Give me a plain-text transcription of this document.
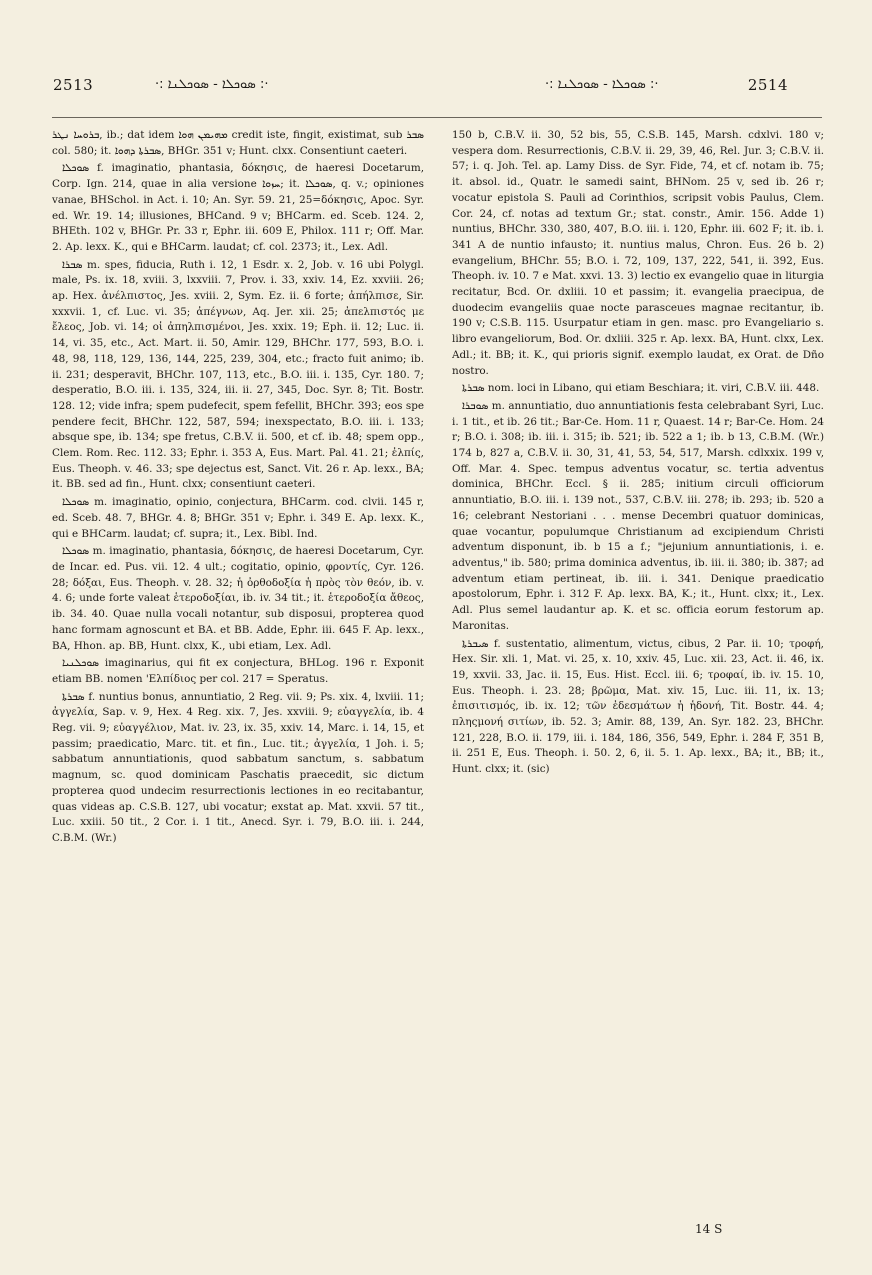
2513	·: ܣܘܟܠܐ - ܣܘܟܠܢܐ :·	·: ܣܘܟܠܐ - ܣܘܟܠܢܐ :·	2514

ܒܪܘܚܐ ܢܛܪ, ib.; dat idem ܡܗܝܡܢ ܗܘܐ credit iste, fingit, existimat, sub ܣܒܪ col. 580; it. ܣܒܪܬܐ ܕܗܘܐ, BHGr. 351 v; Hunt. clxx. Consentiunt caeteri.

ܣܘܟܠܐ f. imaginatio, phantasia, δόκησις, de haeresi Docetarum, Corp. Ign. 214, quae in alia versione ܚܙܘܐ; it. ܣܘܟܠܐ, q. v.; opiniones vanae, BHSchol. in Act. i. 10; An. Syr. 59. 21, 25=δόκησις, Apoc. Syr. ed. Wr. 19. 14; illusiones, BHCand. 9 v; BHCarm. ed. Sceb. 124. 2, BHEth. 102 v, BHGr. Pr. 33 r, Ephr. iii. 609 E, Philox. 111 r; Off. Mar. 2. Ap. lexx. K., qui e BHCarm. laudat; cf. col. 2373; it., Lex. Adl.

ܣܒܪܐ m. spes, fiducia, Ruth i. 12, 1 Esdr. x. 2, Job. v. 16 ubi Polygl. male, Ps. ix. 18, xviii. 3, lxxviii. 7, Prov. i. 33, xxiv. 14, Ez. xxviii. 26; ap. Hex. ἀνέλπιστος, Jes. xviii. 2, Sym. Ez. ii. 6 forte; ἀπήλπισε, Sir. xxxvii. 1, cf. Luc. vi. 35; ἀπέγνων, Aq. Jer. xii. 25; ἀπελπιστός με ἔλεος, Job. vi. 14; οἱ ἀπηλπισμένοι, Jes. xxix. 19; Eph. ii. 12; Luc. ii. 14, vi. 35, etc., Act. Mart. ii. 50, Amir. 129, BHChr. 177, 593, B.O. i. 48, 98, 118, 129, 136, 144, 225, 239, 304, etc.; fracto fuit animo; ib. ii. 231; desperavit, BHChr. 107, 113, etc., B.O. iii. i. 135, Cyr. 180. 7; desperatio, B.O. iii. i. 135, 324, iii. ii. 27, 345, Doc. Syr. 8; Tit. Bostr. 128. 12; vide infra; spem pudefecit, spem fefellit, BHChr. 393; eos spe pendere fecit, BHChr. 122, 587, 594; inexspectato, B.O. iii. i. 133; absque spe, ib. 134; spe fretus, C.B.V. ii. 500, et cf. ib. 48; spem opp., Clem. Rom. Rec. 112. 33; Ephr. i. 353 A, Eus. Mart. Pal. 41. 21; ἐλπίς, Eus. Theoph. v. 46. 33; spe dejectus est, Sanct. Vit. 26 r. Ap. lexx., BA; it. BB. sed ad fin., Hunt. clxx; consentiunt caeteri.

ܣܘܟܠܐ m. imaginatio, opinio, conjectura, BHCarm. cod. clvii. 145 r, ed. Sceb. 48. 7, BHGr. 4. 8; BHGr. 351 v; Ephr. i. 349 E. Ap. lexx. K., qui e BHCarm. laudat; cf. supra; it., Lex. Bibl. Ind.

ܣܘܟܠܐ m. imaginatio, phantasia, δόκησις, de haeresi Docetarum, Cyr. de Incar. ed. Pus. vii. 12. 4 ult.; cogitatio, opinio, φροντίς, Cyr. 126. 28; δόξαι, Eus. Theoph. v. 28. 32; ἡ ὀρθοδοξία ἡ πρὸς τὸν θεόν, ib. v. 4. 6; unde forte valeat ἑτεροδοξίαι, ib. iv. 34 tit.; it. ἑτεροδοξία ἄθεος, ib. 34. 40. Quae nulla vocali notantur, sub disposui, propterea quod hanc formam agnoscunt et BA. et BB. Adde, Ephr. iii. 645 F. Ap. lexx., BA, Hhon. ap. BB, Hunt. clxx, K., ubi etiam, Lex. Adl.

ܣܘܟܠܢܝܐ imaginarius, qui fit ex conjectura, BHLog. 196 r. Exponit etiam BB. nomen 'Ελπίδιος per col. 217 = Speratus.

ܣܒܪܬܐ f. nuntius bonus, annuntiatio, 2 Reg. vii. 9; Ps. xix. 4, lxviii. 11; ἀγγελία, Sap. v. 9, Hex. 4 Reg. xix. 7, Jes. xxviii. 9; εὐαγγελία, ib. 4 Reg. vii. 9; εὐαγγέλιον, Mat. iv. 23, ix. 35, xxiv. 14, Marc. i. 14, 15, et passim; praedicatio, Marc. tit. et fin., Luc. tit.; ἀγγελία, 1 Joh. i. 5; sabbatum annuntiationis, quod sabbatum sanctum, s. sabbatum magnum, sc. quod dominicam Paschatis praecedit, sic dictum propterea quod undecim resurrectionis lectiones in eo recitabantur, quas videas ap. C.S.B. 127, ubi vocatur; exstat ap. Mat. xxvii. 57 tit., Luc. xxiii. 50 tit., 2 Cor. i. 1 tit., Anecd. Syr. i. 79, B.O. iii. i. 244, C.B.M. (Wr.)

150 b, C.B.V. ii. 30, 52 bis, 55, C.S.B. 145, Marsh. cdxlvi. 180 v; vespera dom. Resurrectionis, C.B.V. ii. 29, 39, 46, Rel. Jur. 3; C.B.V. ii. 57; i. q. Joh. Tel. ap. Lamy Diss. de Syr. Fide, 74, et cf. notam ib. 75; it. absol. id., Quatr. le samedi saint, BHNom. 25 v, sed ib. 26 r; vocatur epistola S. Pauli ad Corinthios, scripsit vobis Paulus, Clem. Cor. 24, cf. notas ad textum Gr.; stat. constr., Amir. 156. Adde 1) nuntius, BHChr. 330, 380, 407, B.O. iii. i. 120, Ephr. iii. 602 F; it. ib. i. 341 A de nuntio infausto; it. nuntius malus, Chron. Eus. 26 b. 2) evangelium, BHChr. 55; B.O. i. 72, 109, 137, 222, 541, ii. 392, Eus. Theoph. iv. 10. 7 e Mat. xxvi. 13. 3) lectio ex evangelio quae in liturgia recitatur, Bcd. Or. dxliii. 10 et passim; it. evangelia praecipua, de duodecim evangeliis quae nocte parasceues magnae recitantur, ib. 190 v; C.S.B. 115. Usurpatur etiam in gen. masc. pro Evangeliario s. libro evangeliorum, Bod. Or. dxliii. 325 r. Ap. lexx. BA, Hunt. clxx, Lex. Adl.; it. BB; it. K., qui prioris signif. exemplo laudat, ex Orat. de Dño nostro.

ܣܒܪܬܐ nom. loci in Libano, qui etiam Beschiara; it. viri, C.B.V. iii. 448.

ܣܘܒܪܐ m. annuntiatio, duo annuntiationis festa celebrabant Syri, Luc. i. 1 tit., et ib. 26 tit.; Bar-Ce. Hom. 11 r, Quaest. 14 r; Bar-Ce. Hom. 24 r; B.O. i. 308; ib. iii. i. 315; ib. 521; ib. 522 a 1; ib. b 13, C.B.M. (Wr.) 174 b, 827 a, C.B.V. ii. 30, 31, 41, 53, 54, 517, Marsh. cdlxxix. 199 v, Off. Mar. 4. Spec. tempus adventus vocatur, sc. tertia adventus dominica, BHChr. Eccl. § ii. 285; initium circuli officiorum annuntiatio, B.O. iii. i. 139 not., 537, C.B.V. iii. 278; ib. 293; ib. 520 a 16; celebrant Nestoriani . . . mense Decembri quatuor dominicas, quae vocantur, populumque Christianum ad excipiendum Christi adventum disponunt, ib. b 15 a f.; "jejunium annuntiationis, i. e. adventus," ib. 580; prima dominica adventus, ib. iii. ii. 380; ib. 387; ad adventum etiam pertineat, ib. iii. i. 341. Denique praedicatio apostolorum, Ephr. i. 312 F. Ap. lexx. BA, K.; it., Hunt. clxx; it., Lex. Adl. Plus semel laudantur ap. K. et sc. officia eorum festorum ap. Maronitas.

ܣܝܒܪܬܐ f. sustentatio, alimentum, victus, cibus, 2 Par. ii. 10; τροφή, Hex. Sir. xli. 1, Mat. vi. 25, x. 10, xxiv. 45, Luc. xii. 23, Act. ii. 46, ix. 19, xxvii. 33, Jac. ii. 15, Eus. Hist. Eccl. iii. 6; τροφαί, ib. iv. 15. 10, Eus. Theoph. i. 23. 28; βρῶμα, Mat. xiv. 15, Luc. iii. 11, ix. 13; ἐπισιτισμός, ib. ix. 12; τῶν ἐδεσμάτων ἡ ἡδονή, Tit. Bostr. 44. 4; πληςμονή σιτίων, ib. 52. 3; Amir. 88, 139, An. Syr. 182. 23, BHChr. 121, 228, B.O. ii. 179, iii. i. 184, 186, 356, 549, Ephr. i. 284 F, 351 B, ii. 251 E, Eus. Theoph. i. 50. 2, 6, ii. 5. 1. Ap. lexx., BA; it., BB; it., Hunt. clxx; it. (sic)

14 S
